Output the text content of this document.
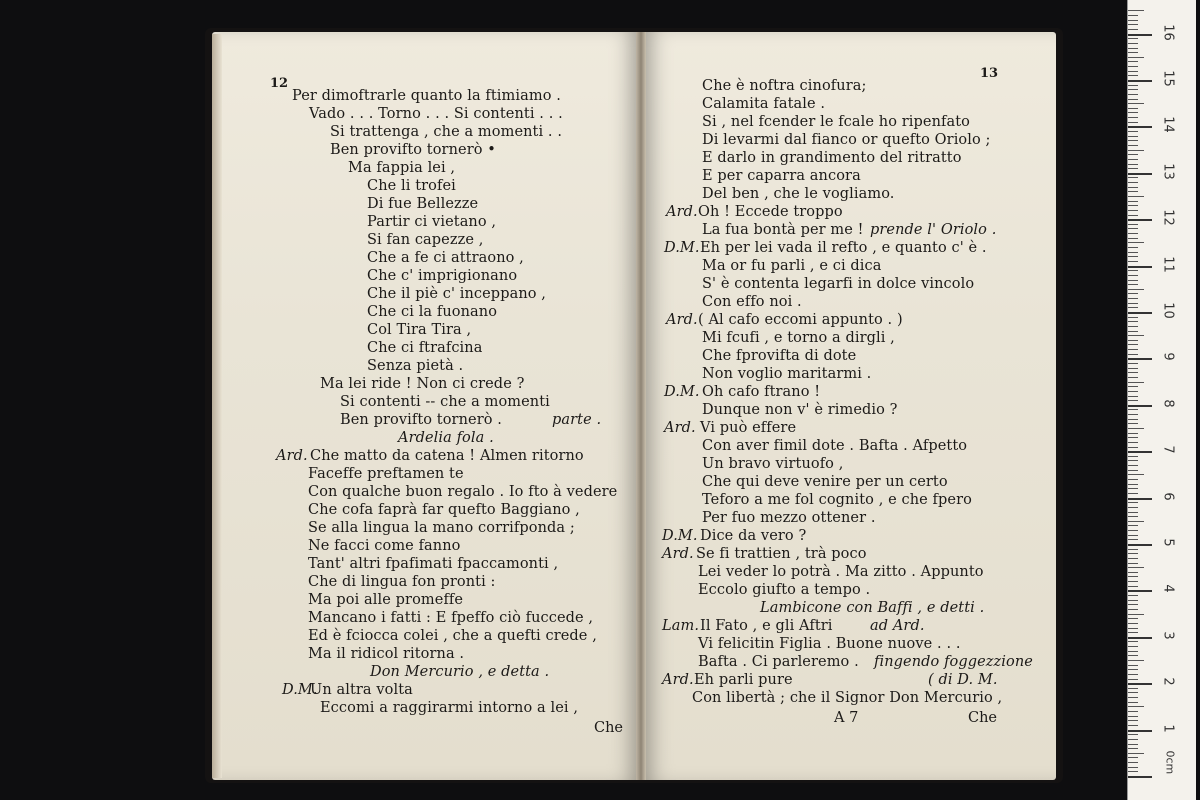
12
Per dimoftrarle quanto la ftimiamo .
Vado . . . Torno . . . Si contenti . . .
Si trattenga , che a momenti . .
Ben provifto tornerò •
Ma fappia lei ,
Che li trofei
Di fue Bellezze
Partir ci vietano ,
Si fan capezze ,
Che a fe ci attraono ,
Che c' imprigionano
Che il piè c' inceppano ,
Che ci la fuonano
Col Tira Tira ,
Che ci ftrafcina
Senza pietà .
Ma lei ride ! Non ci crede ?
Si contenti -- che a momenti
Ben provifto tornerò .	parte .
Ardelia fola .
Ard. Che matto da catena ! Almen ritorno
Faceffe preftamen te
Con qualche buon regalo . Io fto à vedere
Che cofa faprà far quefto Baggiano ,
Se alla lingua la mano corrifponda ;
Ne facci come fanno
Tant' altri fpafimati fpaccamonti ,
Che di lingua fon pronti :
Ma poi alle promeffe
Mancano i fatti : E fpeffo ciò fuccede ,
Ed è fciocca colei , che a quefti crede ,
Ma il ridicol ritorna .
Don Mercurio , e detta .
D.M.
Un altra volta
Eccomi a raggirarmi intorno a lei ,
Che
13
Che è noftra cinofura;
Calamita fatale .
Si , nel fcender le fcale ho ripenfato
Di levarmi dal fianco or quefto Oriolo ;
E darlo in grandimento del ritratto
E per caparra ancora
Del ben , che le vogliamo.
Ard. Oh ! Eccede troppo
La fua bontà per me ! prende l' Oriolo .
D.M. Eh per lei vada il refto , e quanto c' è .
Ma or fu parli , e ci dica
S' è contenta legarfi in dolce vincolo
Con effo noi .
Ard. ( Al cafo eccomi appunto . )
Mi fcufi , e torno a dirgli ,
Che fprovifta di dote
Non voglio maritarmi .
D.M. Oh cafo ftrano !
Dunque non v' è rimedio ?
Ard. Vi può effere
Con aver fimil dote . Bafta . Afpetto
Un bravo virtuofo ,
Che qui deve venire per un certo
Teforo a me fol cognito , e che fpero
Per fuo mezzo ottener .
D.M. Dice da vero ?
Ard. Se fi trattien , trà poco
Lei veder lo potrà . Ma zitto . Appunto
Eccolo giufto a tempo .
Lambicone con Baffi , e detti .
Lam. Il Fato , e gli Aftri	ad Ard.
Vi felicitin Figlia . Buone nuove . . .
Bafta . Ci parleremo . fingendo foggezzione
Ard. Eh parli pure	( di D. M.
Con libertà ; che il Signor Don Mercurio ,
A 7	Che
0cm
1
2
3
4
5
6
7
8
9
10
11
12
13
14
15
16
